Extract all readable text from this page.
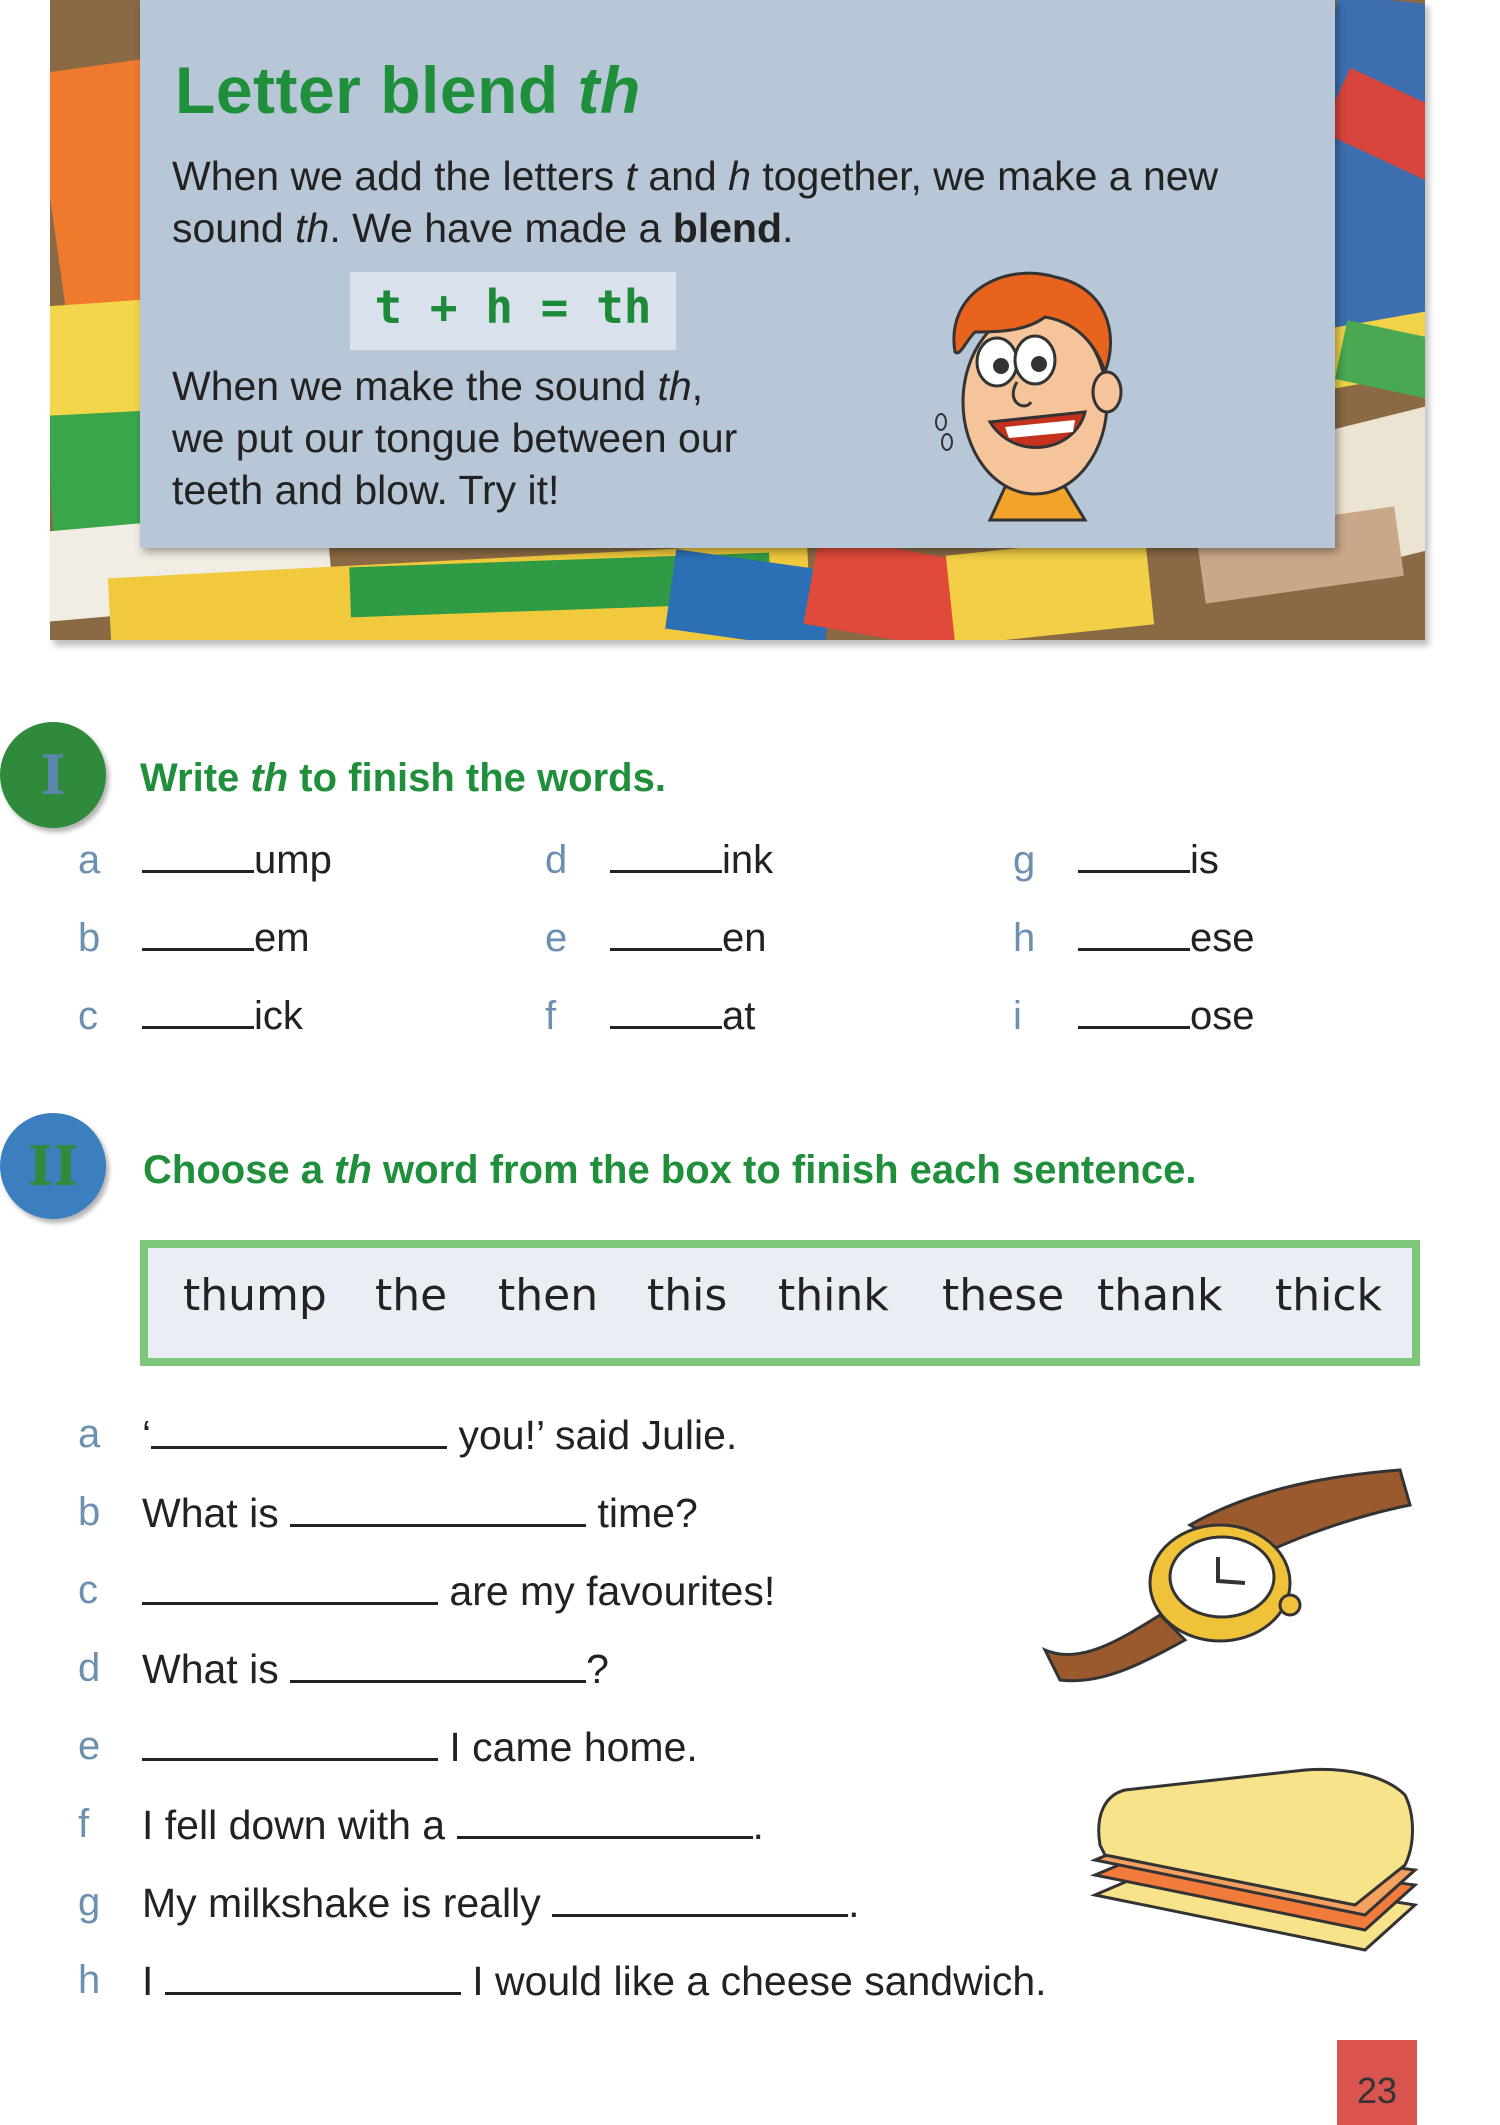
Letter blend th
When we add the letters t and h together, we make a new sound th. We have made a blend.
t + h = th
When we make the sound th,
we put our tongue between our
teeth and blow. Try it!
I	Write th to finish the words.
a	ump
b	em
c	ick
d	ink
e	en
f	at
g	is
h	ese
i	ose
II	Choose a th word from the box to finish each sentence.
thump the then this think these thank thick
a ‘	you!’ said Julie.
b What is	time?
c	are my favourites!
d What is	?
e	I came home.
f I fell down with a	.
g My milkshake is really	.
h I	I would like a cheese sandwich.
23
